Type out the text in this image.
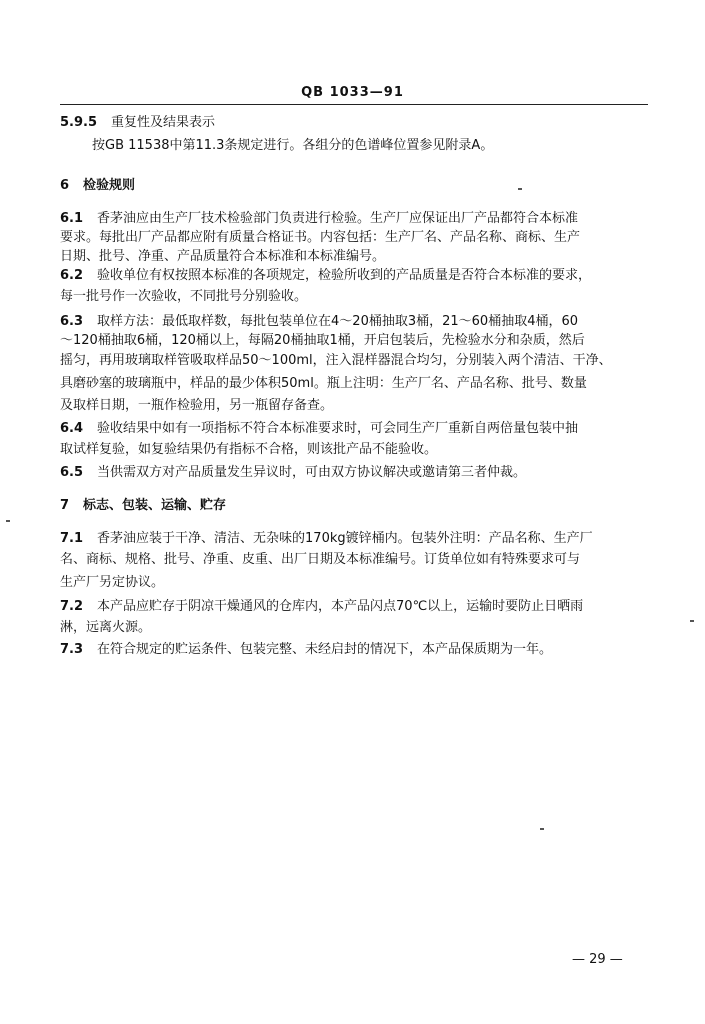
QB 1033—91
5.9.5 重复性及结果表示
按GB 11538中第11.3条规定进行。各组分的色谱峰位置参见附录A。
6 检验规则
6.1 香茅油应由生产厂技术检验部门负责进行检验。生产厂应保证出厂产品都符合本标准
要求。每批出厂产品都应附有质量合格证书。内容包括：生产厂名、产品名称、商标、生产
日期、批号、净重、产品质量符合本标准和本标准编号。
6.2 验收单位有权按照本标准的各项规定，检验所收到的产品质量是否符合本标准的要求，
每一批号作一次验收，不同批号分别验收。
6.3 取样方法：最低取样数，每批包装单位在4～20桶抽取3桶，21～60桶抽取4桶，60
～120桶抽取6桶，120桶以上，每隔20桶抽取1桶，开启包装后，先检验水分和杂质，然后
摇匀，再用玻璃取样管吸取样品50～100ml，注入混样器混合均匀，分别装入两个清洁、干净、
具磨砂塞的玻璃瓶中，样品的最少体积50ml。瓶上注明：生产厂名、产品名称、批号、数量
及取样日期，一瓶作检验用，另一瓶留存备查。
6.4 验收结果中如有一项指标不符合本标准要求时，可会同生产厂重新自两倍量包装中抽
取试样复验，如复验结果仍有指标不合格，则该批产品不能验收。
6.5 当供需双方对产品质量发生异议时，可由双方协议解决或邀请第三者仲裁。
7 标志、包装、运输、贮存
7.1 香茅油应装于干净、清洁、无杂味的170kg镀锌桶内。包装外注明：产品名称、生产厂
名、商标、规格、批号、净重、皮重、出厂日期及本标准编号。订货单位如有特殊要求可与
生产厂另定协议。
7.2 本产品应贮存于阴凉干燥通风的仓库内，本产品闪点70℃以上，运输时要防止日晒雨
淋，远离火源。
7.3 在符合规定的贮运条件、包装完整、未经启封的情况下，本产品保质期为一年。
— 29 —
